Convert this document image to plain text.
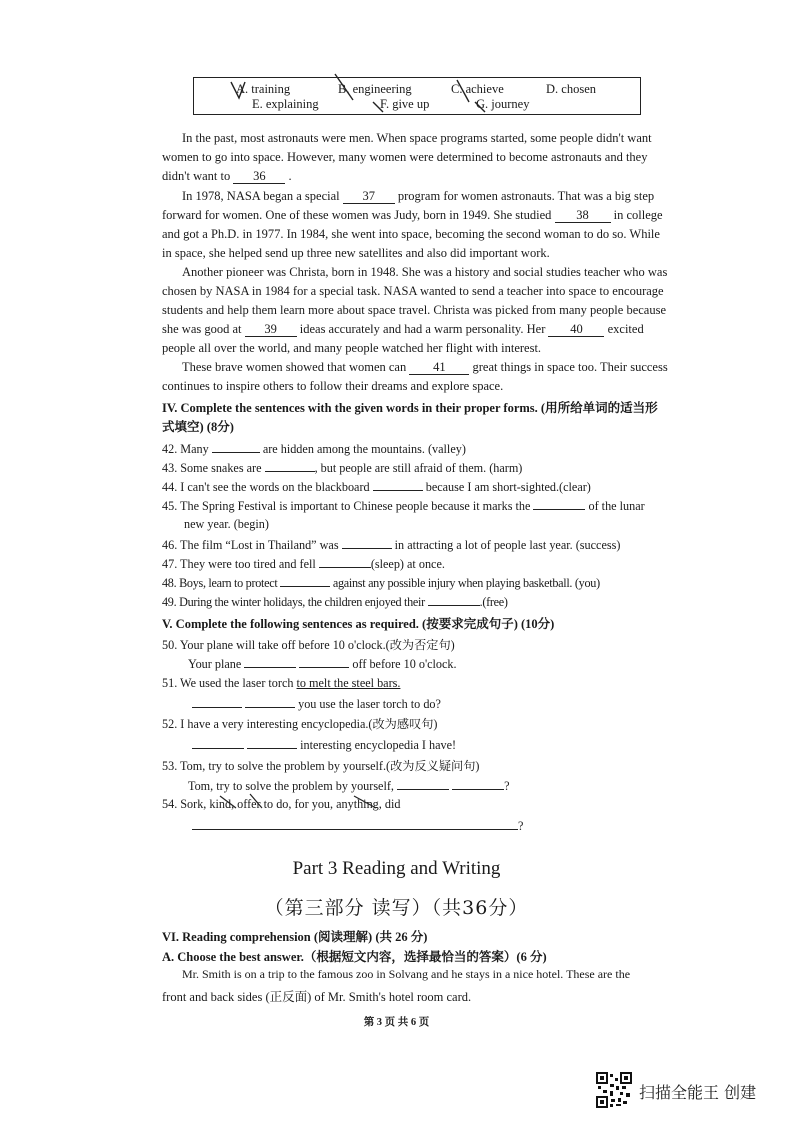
A. training	B. engineering	C. achieve	D. chosen
E. explaining	F. give up	G. journey
In the past, most astronauts were men. When space programs started, some people didn't want
women to go into space. However, many women were determined to become astronauts and they
didn't want to 36 .
In 1978, NASA began a special 37 program for women astronauts. That was a big step
forward for women. One of these women was Judy, born in 1949. She studied 38 in college
and got a Ph.D. in 1977. In 1984, she went into space, becoming the second woman to do so. While
in space, she helped send up three new satellites and also did important work.
Another pioneer was Christa, born in 1948. She was a history and social studies teacher who was
chosen by NASA in 1984 for a special task. NASA wanted to send a teacher into space to encourage
students and help them learn more about space travel. Christa was picked from many people because
she was good at 39 ideas accurately and had a warm personality. Her 40 excited
people all over the world, and many people watched her flight with interest.
These brave women showed that women can 41 great things in space too. Their success
continues to inspire others to follow their dreams and explore space.
IV. Complete the sentences with the given words in their proper forms. (用所给单词的适当形
式填空) (8分)
42. Many	are hidden among the mountains. (valley)
43. Some snakes are	, but people are still afraid of them. (harm)
44. I can't see the words on the blackboard	because I am short-sighted.(clear)
45. The Spring Festival is important to Chinese people because it marks the	of the lunar
new year. (begin)
46. The film “Lost in Thailand” was	in attracting a lot of people last year. (success)
47. They were too tired and fell	(sleep) at once.
48. Boys, learn to protect	against any possible injury when playing basketball. (you)
49. During the winter holidays, the children enjoyed their	.(free)
V. Complete the following sentences as required. (按要求完成句子) (10分)
50. Your plane will take off before 10 o'clock.(改为否定句)
Your plane	off before 10 o'clock.
51. We used the laser torch to melt the steel bars.
you use the laser torch to do?
52. I have a very interesting encyclopedia.(改为感叹句)
interesting encyclopedia I have!
53. Tom, try to solve the problem by yourself.(改为反义疑问句)
Tom, try to solve the problem by yourself,	?
54. Sork, kind, offer to do, for you, anything, did
?
Part 3 Reading and Writing
（第三部分 读写）（共36分）
VI. Reading comprehension (阅读理解) (共 26 分)
A. Choose the best answer.（根据短文内容，选择最恰当的答案）(6 分)
Mr. Smith is on a trip to the famous zoo in Solvang and he stays in a nice hotel. These are the
front and back sides (正反面) of Mr. Smith's hotel room card.
第 3 页 共 6 页
扫描全能王 创建
